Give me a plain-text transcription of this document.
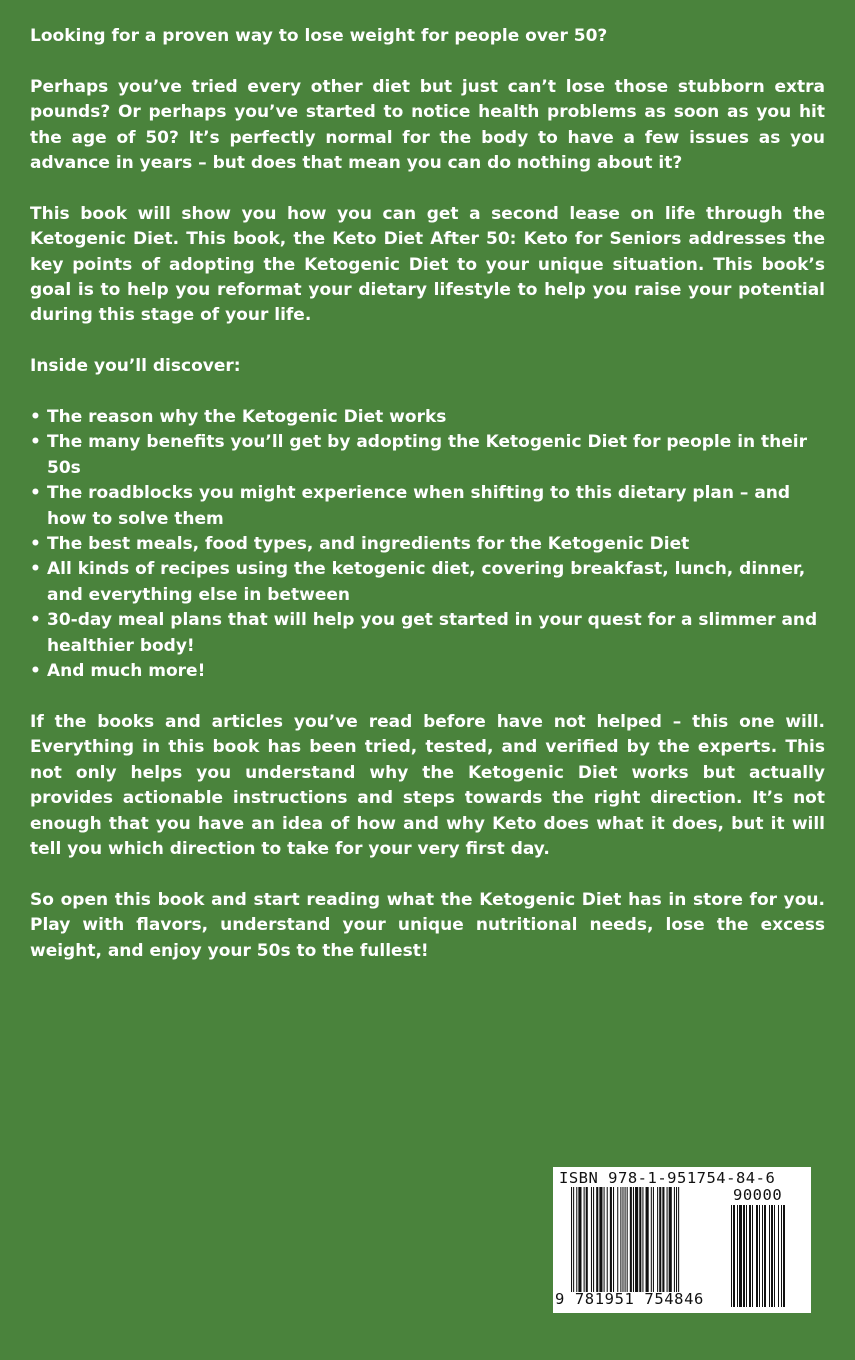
Looking for a proven way to lose weight for people over 50?

Perhaps you’ve tried every other diet but just can’t lose those stubborn extra pounds? Or perhaps you’ve started to notice health problems as soon as you hit the age of 50? It’s perfectly normal for the body to have a few issues as you advance in years – but does that mean you can do nothing about it?

This book will show you how you can get a second lease on life through the Ketogenic Diet. This book, the Keto Diet After 50: Keto for Seniors addresses the key points of adopting the Ketogenic Diet to your unique situation. This book’s goal is to help you reformat your dietary lifestyle to help you raise your potential during this stage of your life.

Inside you’ll discover:

• The reason why the Ketogenic Diet works
• The many benefits you’ll get by adopting the Ketogenic Diet for people in their 50s
• The roadblocks you might experience when shifting to this dietary plan – and how to solve them
• The best meals, food types, and ingredients for the Ketogenic Diet
• All kinds of recipes using the ketogenic diet, covering breakfast, lunch, dinner, and everything else in between
• 30-day meal plans that will help you get started in your quest for a slimmer and healthier body!
• And much more!

If the books and articles you’ve read before have not helped – this one will. Everything in this book has been tried, tested, and verified by the experts. This not only helps you understand why the Ketogenic Diet works but actually provides actionable instructions and steps towards the right direction. It’s not enough that you have an idea of how and why Keto does what it does, but it will tell you which direction to take for your very first day.

So open this book and start reading what the Ketogenic Diet has in store for you. Play with flavors, understand your unique nutritional needs, lose the excess weight, and enjoy your 50s to the fullest!

ISBN 978-1-951754-84-6
90000
9 781951 754846
